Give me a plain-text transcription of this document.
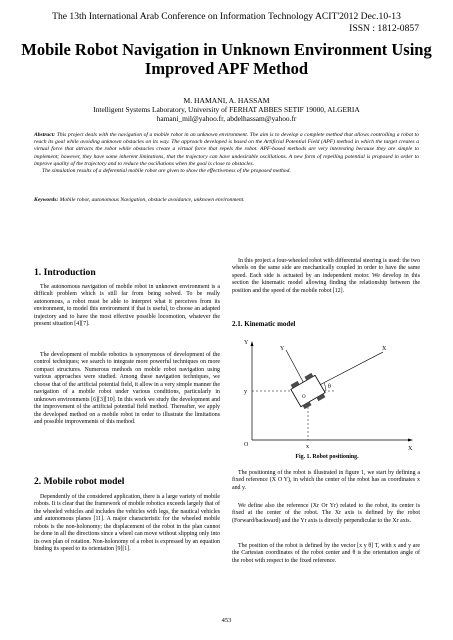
The 13th International Arab Conference on Information Technology ACIT'2012 Dec.10-13
ISSN : 1812-0857
Mobile Robot Navigation in Unknown Environment Using
Improved APF Method
M. HAMANI, A. HASSAM
Intelligent Systems Laboratory, University of FERHAT ABBES SETIF 19000, ALGERIA
hamani_mil@yahoo.fr, abdelhassam@yahoo.fr
Abstract: This project deals with the navigation of a mobile robot in an unknown environment. The aim is to develop a complete method that allows controlling a robot to reach its goal while avoiding unknown obstacles on its way. The approach developed is based on the Artificial Potential Field (APF) method in which the target creates a virtual force that attracts the robot while obstacles create a virtual force that repels the robot. APF-based methods are very interesting because they are simple to implement; however, they have some inherent limitations, that the trajectory can have undesirable oscillations. A new form of repelling potential is proposed in order to improve quality of the trajectory and to reduce the oscillations when the goal is close to obstacles.
The simulation results of a deferential mobile robot are given to show the effectiveness of the proposed method.
Keywords: Mobile robot, autonomous Navigation, obstacle avoidance, unknown environment.
1. Introduction
The autonomous navigation of mobile robot in unknown environment is a difficult problem which is still far from being solved. To be really autonomous, a robot must be able to interpret what it perceives from its environment, to model this environment if that is useful, to choose an adapted trajectory and to have the most effective possible locomotion, whatever the present situation [4][7].
The development of mobile robotics is synonymous of development of the control techniques; we search to integrate more powerful techniques on more compact structures. Numerous methods on mobile robot navigation using various approaches were studied. Among these navigation techniques, we choose that of the artificial potential field, it allow in a very simple manner the navigation of a mobile robot under various conditions, particularly in unknown environments [6][3][10]. In this work we study the development and the improvement of the artificial potential field method. Thereafter, we apply the developed method on a mobile robot in order to illustrate the limitations and possible improvements of this method.
2. Mobile robot model
Dependently of the considered application, there is a large variety of mobile robots. It is clear that the framework of mobile robotics exceeds largely that of the wheeled vehicles and includes the vehicles with legs, the nautical vehicles and autonomous planes [11]. A major characteristic for the wheeled mobile robots is the non-holonomy; the displacement of the robot in the plan cannot be done in all the directions since a wheel can move without slipping only into its own plan of rotation. Non-holonomy of a robot is expressed by an equation binding its speed to its orientation [9][1].
In this project a four-wheeled robot with differential steering is used: the two wheels on the same side are mechanically coupled in order to have the same speed. Each side is actuated by an independent motor. We develop in this section the kinematic model allowing finding the relationship between the position and the speed of the mobile robot [12].
2.1. Kinematic model
Y
y
O	x	X
Y	X
O
θ
Fig. 1. Robot positioning.
The positioning of the robot is illustrated in figure 1, we start by defining a fixed reference (X O Y), in which the center of the robot has as coordinates x and y.
We define also the reference (Xr Or Yr) related to the robot, its center is fixed at the center of the robot. The Xr axis is defined by the robot (Forward/backward) and the Yr axis is directly perpendicular to the Xr axis.
The position of the robot is defined by the vector [x y θ] T, with x and y are the Cartesian coordinates of the robot center and θ is the orientation angle of the robot with respect to the fixed reference.
453
